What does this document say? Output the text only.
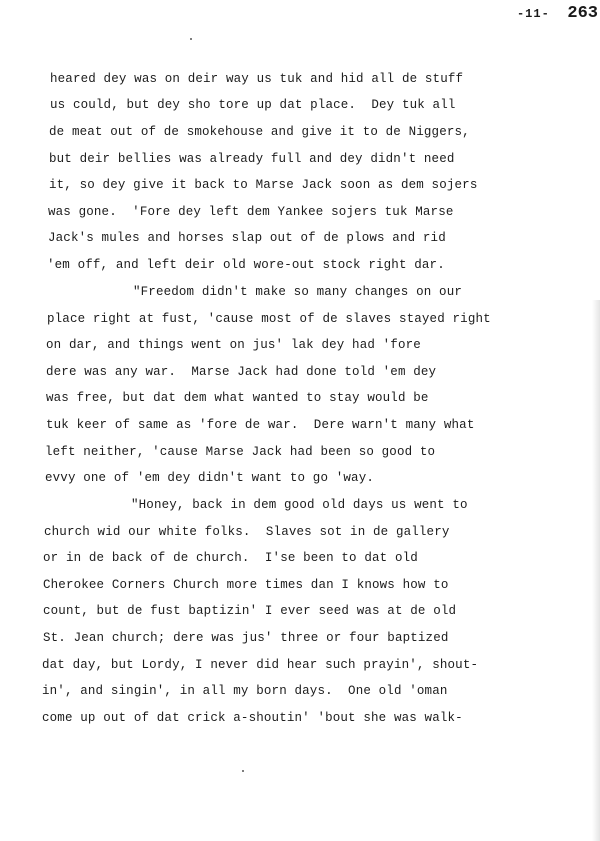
-11- 263
heared dey was on deir way us tuk and hid all de stuff
us could, but dey sho tore up dat place.  Dey tuk all
de meat out of de smokehouse and give it to de Niggers,
but deir bellies was already full and dey didn't need
it, so dey give it back to Marse Jack soon as dem sojers
was gone.  'Fore dey left dem Yankee sojers tuk Marse
Jack's mules and horses slap out of de plows and rid
'em off, and left deir old wore-out stock right dar.
"Freedom didn't make so many changes on our
place right at fust, 'cause most of de slaves stayed right
on dar, and things went on jus' lak dey had 'fore
dere was any war.  Marse Jack had done told 'em dey
was free, but dat dem what wanted to stay would be
tuk keer of same as 'fore de war.  Dere warn't many what
left neither, 'cause Marse Jack had been so good to
evvy one of 'em dey didn't want to go 'way.
"Honey, back in dem good old days us went to
church wid our white folks.  Slaves sot in de gallery
or in de back of de church.  I'se been to dat old
Cherokee Corners Church more times dan I knows how to
count, but de fust baptizin' I ever seed was at de old
St. Jean church; dere was jus' three or four baptized
dat day, but Lordy, I never did hear such prayin', shout-
in', and singin', in all my born days.  One old 'oman
come up out of dat crick a-shoutin' 'bout she was walk-
